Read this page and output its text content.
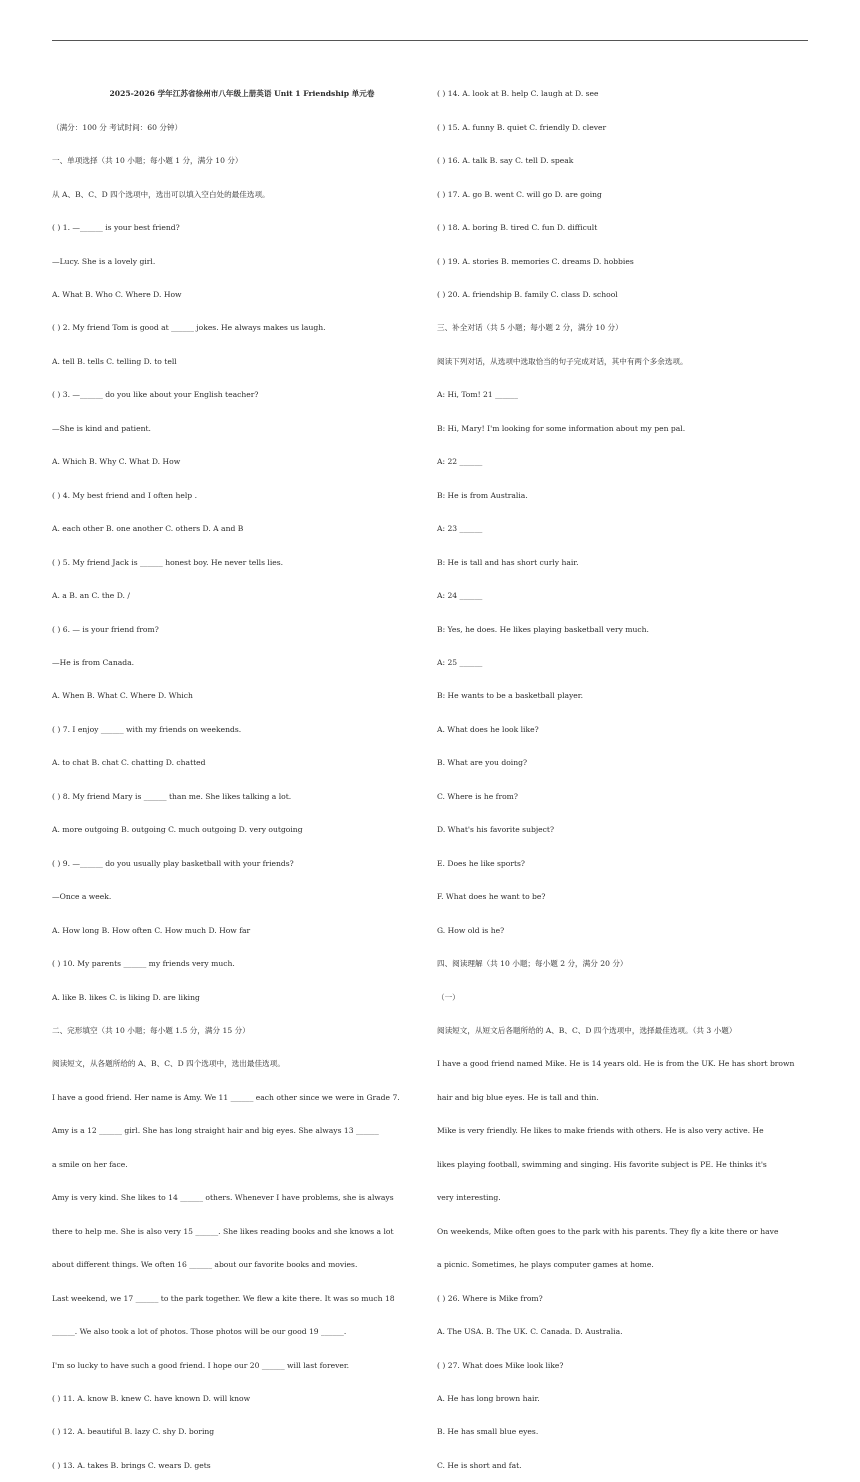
2025-2026 学年江苏省徐州市八年级上册英语 Unit 1 Friendship 单元卷

（满分：100 分 考试时间：60 分钟）

一、单项选择（共 10 小题；每小题 1 分，满分 10 分）

从 A、B、C、D 四个选项中，选出可以填入空白处的最佳选项。

( ) 1. —______ is your best friend?

—Lucy. She is a lovely girl.

A. What B. Who C. Where D. How

( ) 2. My friend Tom is good at ______ jokes. He always makes us laugh.

A. tell B. tells C. telling D. to tell

( ) 3. —______ do you like about your English teacher?

—She is kind and patient.

A. Which B. Why C. What D. How

( ) 4. My best friend and I often help .

A. each other B. one another C. others D. A and B

( ) 5. My friend Jack is ______ honest boy. He never tells lies.

A. a B. an C. the D. /

( ) 6. — is your friend from?

—He is from Canada.

A. When B. What C. Where D. Which

( ) 7. I enjoy ______ with my friends on weekends.

A. to chat B. chat C. chatting D. chatted

( ) 8. My friend Mary is ______ than me. She likes talking a lot.

A. more outgoing B. outgoing C. much outgoing D. very outgoing

( ) 9. —______ do you usually play basketball with your friends?

—Once a week.

A. How long B. How often C. How much D. How far

( ) 10. My parents ______ my friends very much.

A. like B. likes C. is liking D. are liking

二、完形填空（共 10 小题；每小题 1.5 分，满分 15 分）

阅读短文，从各题所给的 A、B、C、D 四个选项中，选出最佳选项。

I have a good friend. Her name is Amy. We 11 ______ each other since we were in Grade 7.

Amy is a 12 ______ girl. She has long straight hair and big eyes. She always 13 ______

a smile on her face.

Amy is very kind. She likes to 14 ______ others. Whenever I have problems, she is always

there to help me. She is also very 15 ______. She likes reading books and she knows a lot

about different things. We often 16 ______ about our favorite books and movies.

Last weekend, we 17 ______ to the park together. We flew a kite there. It was so much 18

______. We also took a lot of photos. Those photos will be our good 19 ______.

I'm so lucky to have such a good friend. I hope our 20 ______ will last forever.

( ) 11. A. know B. knew C. have known D. will know

( ) 12. A. beautiful B. lazy C. shy D. boring

( ) 13. A. takes B. brings C. wears D. gets

( ) 14. A. look at B. help C. laugh at D. see

( ) 15. A. funny B. quiet C. friendly D. clever

( ) 16. A. talk B. say C. tell D. speak

( ) 17. A. go B. went C. will go D. are going

( ) 18. A. boring B. tired C. fun D. difficult

( ) 19. A. stories B. memories C. dreams D. hobbies

( ) 20. A. friendship B. family C. class D. school

三、补全对话（共 5 小题；每小题 2 分，满分 10 分）

阅读下列对话，从选项中选取恰当的句子完成对话，其中有两个多余选项。

A: Hi, Tom! 21 ______

B: Hi, Mary! I'm looking for some information about my pen pal.

A: 22 ______

B: He is from Australia.

A: 23 ______

B: He is tall and has short curly hair.

A: 24 ______

B: Yes, he does. He likes playing basketball very much.

A: 25 ______

B: He wants to be a basketball player.

A. What does he look like?

B. What are you doing?

C. Where is he from?

D. What's his favorite subject?

E. Does he like sports?

F. What does he want to be?

G. How old is he?

四、阅读理解（共 10 小题；每小题 2 分，满分 20 分）

（一）

阅读短文，从短文后各题所给的 A、B、C、D 四个选项中，选择最佳选项。（共 3 小题）

I have a good friend named Mike. He is 14 years old. He is from the UK. He has short brown

hair and big blue eyes. He is tall and thin.

Mike is very friendly. He likes to make friends with others. He is also very active. He

likes playing football, swimming and singing. His favorite subject is PE. He thinks it's

very interesting.

On weekends, Mike often goes to the park with his parents. They fly a kite there or have

a picnic. Sometimes, he plays computer games at home.

( ) 26. Where is Mike from?

A. The USA. B. The UK. C. Canada. D. Australia.

( ) 27. What does Mike look like?

A. He has long brown hair.

B. He has small blue eyes.

C. He is short and fat.
